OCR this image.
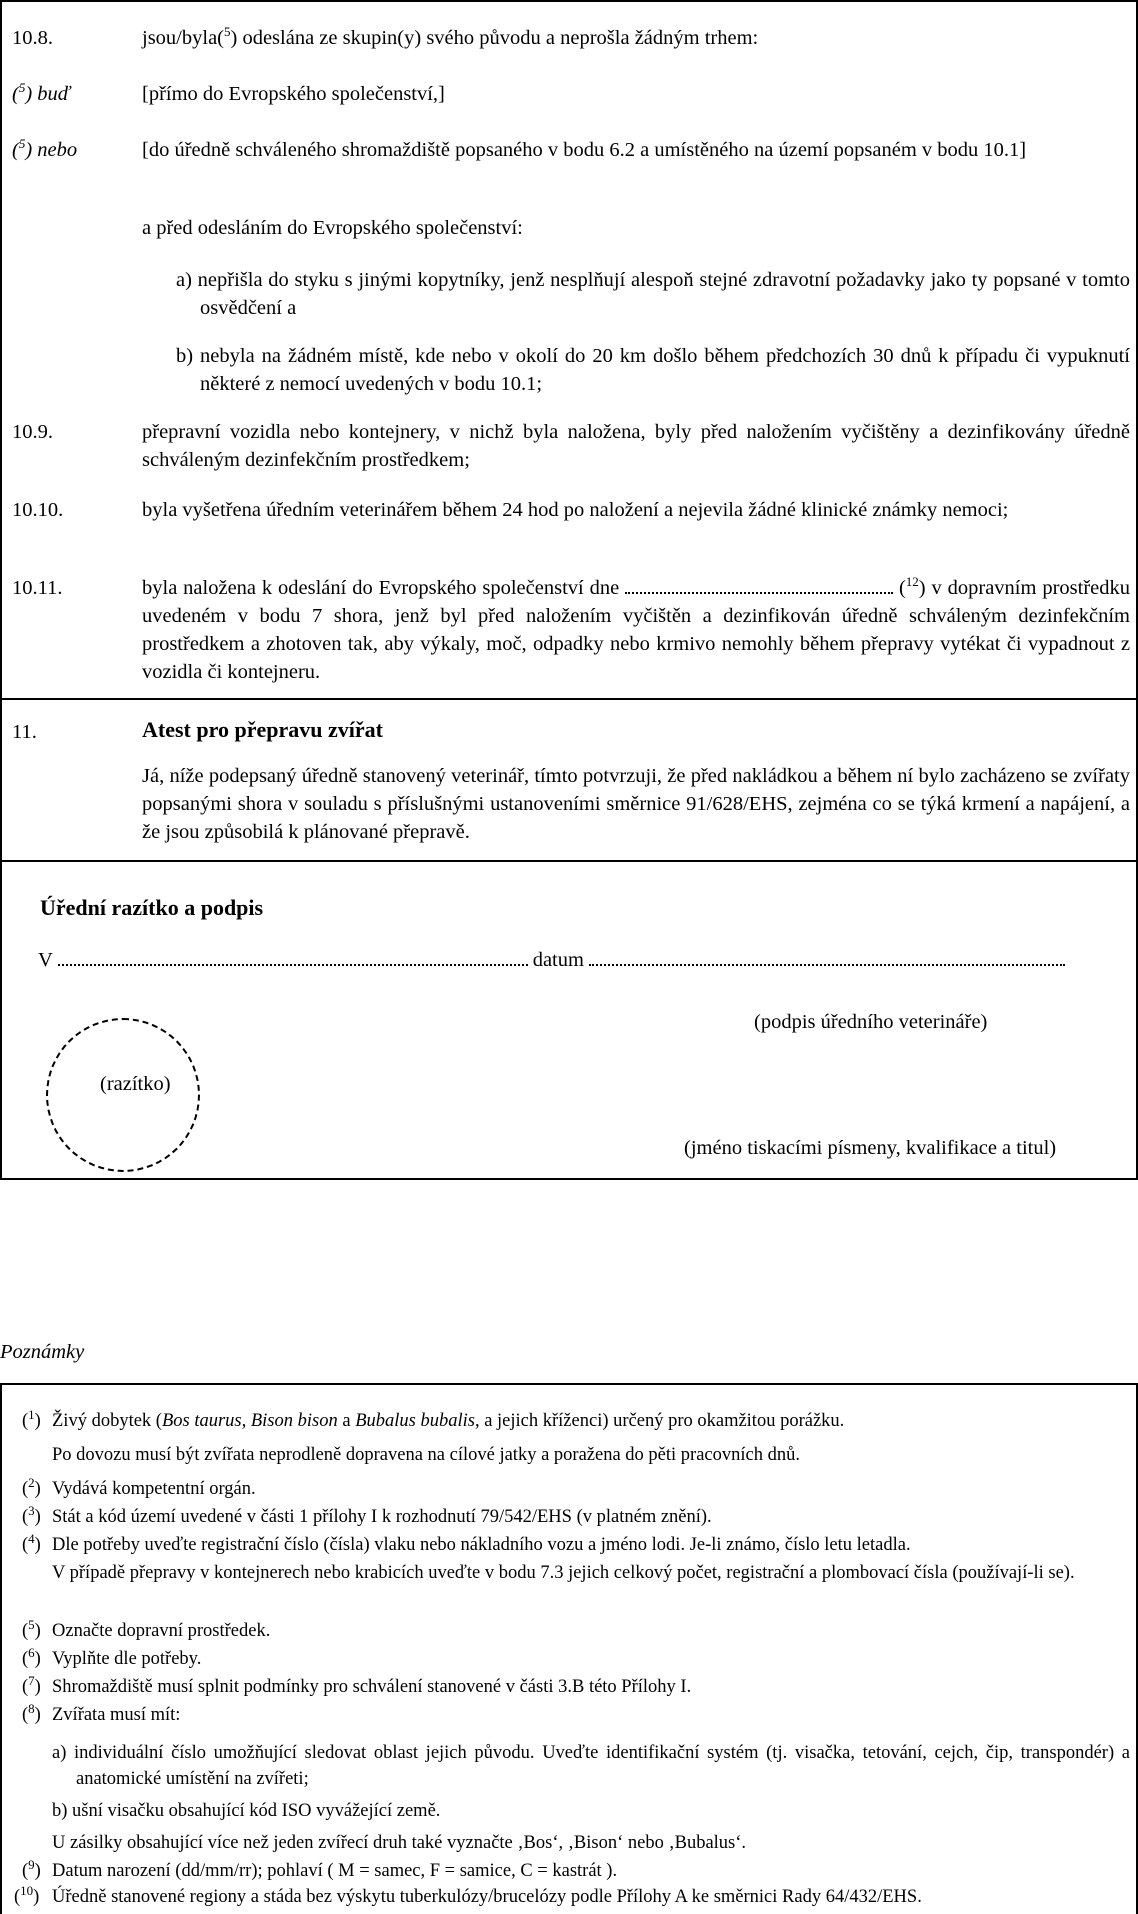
10.8.	jsou/byla($^5$) odeslána ze skupin(y) svého původu a neprošla žádným trhem:
($^5$) buď	[přímo do Evropského společenství,]
($^5$) nebo	[do úředně schváleného shromaždiště popsaného v bodu 6.2 a umístěného na území popsaném v bodu 10.1]
a před odesláním do Evropského společenství:
a) nepřišla do styku s jinými kopytníky, jenž nesplňují alespoň stejné zdravotní požadavky jako ty popsané v tomto osvědčení a
b) nebyla na žádném místě, kde nebo v okolí do 20 km došlo během předchozích 30 dnů k případu či vypuknutí některé z nemocí uvedených v bodu 10.1;
10.9.	přepravní vozidla nebo kontejnery, v nichž byla naložena, byly před naložením vyčištěny a dezinfikovány úředně schváleným dezinfekčním prostředkem;
10.10.	byla vyšetřena úředním veterinářem během 24 hod po naložení a nejevila žádné klinické známky nemoci;
10.11.	byla naložena k odeslání do Evropského společenství dne	($^{12}$) v dopravním prostředku uvedeném v bodu 7 shora, jenž byl před naložením vyčištěn a dezinfikován úředně schváleným dezinfekčním prostředkem a zhotoven tak, aby výkaly, moč, odpadky nebo krmivo nemohly během přepravy vytékat či vypadnout z vozidla či kontejneru.
11.	Atest pro přepravu zvířat
Já, níže podepsaný úředně stanovený veterinář, tímto potvrzuji, že před nakládkou a během ní bylo zacházeno se zvířaty popsanými shora v souladu s příslušnými ustanoveními směrnice 91/628/EHS, zejména co se týká krmení a napájení, a že jsou způsobilá k plánované přepravě.
Úřední razítko a podpis
V	datum
(podpis úředního veterináře)
(razítko)
(jméno tiskacími písmeny, kvalifikace a titul)
Poznámky
($^1$) Živý dobytek (Bos taurus, Bison bison a Bubalus bubalis, a jejich kříženci) určený pro okamžitou porážku.
Po dovozu musí být zvířata neprodleně dopravena na cílové jatky a poražena do pěti pracovních dnů.
($^2$) Vydává kompetentní orgán.
($^3$) Stát a kód území uvedené v části 1 přílohy I k rozhodnutí 79/542/EHS (v platném znění).
($^4$) Dle potřeby uveďte registrační číslo (čísla) vlaku nebo nákladního vozu a jméno lodi. Je-li známo, číslo letu letadla.
V případě přepravy v kontejnerech nebo krabicích uveďte v bodu 7.3 jejich celkový počet, registrační a plombovací čísla (používají-li se).
($^5$) Označte dopravní prostředek.
($^6$) Vyplňte dle potřeby.
($^7$) Shromaždiště musí splnit podmínky pro schválení stanovené v části 3.B této Přílohy I.
($^8$) Zvířata musí mít:
a) individuální číslo umožňující sledovat oblast jejich původu. Uveďte identifikační systém (tj. visačka, tetování, cejch, čip, transpondér) a anatomické umístění na zvířeti;
b) ušní visačku obsahující kód ISO vyvážející země.
U zásilky obsahující více než jeden zvířecí druh také vyznačte ‚Bos‘, ‚Bison‘ nebo ‚Bubalus‘.
($^9$) Datum narození (dd/mm/rr); pohlaví ( M = samec, F = samice, C = kastrát ).
($^{10}$) Úředně stanovené regiony a stáda bez výskytu tuberkulózy/brucelózy podle Přílohy A ke směrnici Rady 64/432/EHS.
